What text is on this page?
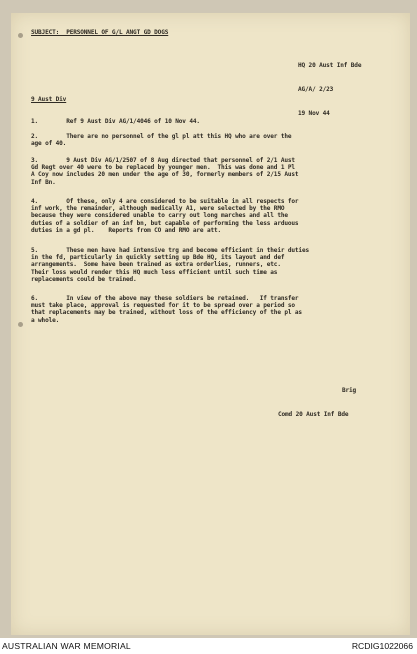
SUBJECT:  PERSONNEL OF G/L ANGT GD DOGS

HQ 20 Aust Inf Bde

AG/A/ 2/23

19 Nov 44

9 Aust Div
1.        Ref 9 Aust Div AG/1/4046 of 10 Nov 44.
2.        There are no personnel of the gl pl att this HQ who are over the
age of 40.
3.        9 Aust Div AG/1/2507 of 8 Aug directed that personnel of 2/1 Aust
Gd Regt over 40 were to be replaced by younger men.  This was done and 1 Pl
A Coy now includes 20 men under the age of 30, formerly members of 2/15 Aust
Inf Bn.
4.        Of these, only 4 are considered to be suitable in all respects for
inf work, the remainder, although medically A1, were selected by the RMO
because they were considered unable to carry out long marches and all the
duties of a soldier of an inf bn, but capable of performing the less arduous
duties in a gd pl.    Reports from CO and RMO are att.
5.        These men have had intensive trg and become efficient in their duties
in the fd, particularly in quickly setting up Bde HQ, its layout and def
arrangements.  Some have been trained as extra orderlies, runners, etc.
Their loss would render this HQ much less efficient until such time as
replacements could be trained.
6.        In view of the above may these soldiers be retained.   If transfer
must take place, approval is requested for it to be spread over a period so
that replacements may be trained, without loss of the efficiency of the pl as
a whole.

Brig

Comd 20 Aust Inf Bde

AUSTRALIAN WAR MEMORIAL	RCDIG1022066
